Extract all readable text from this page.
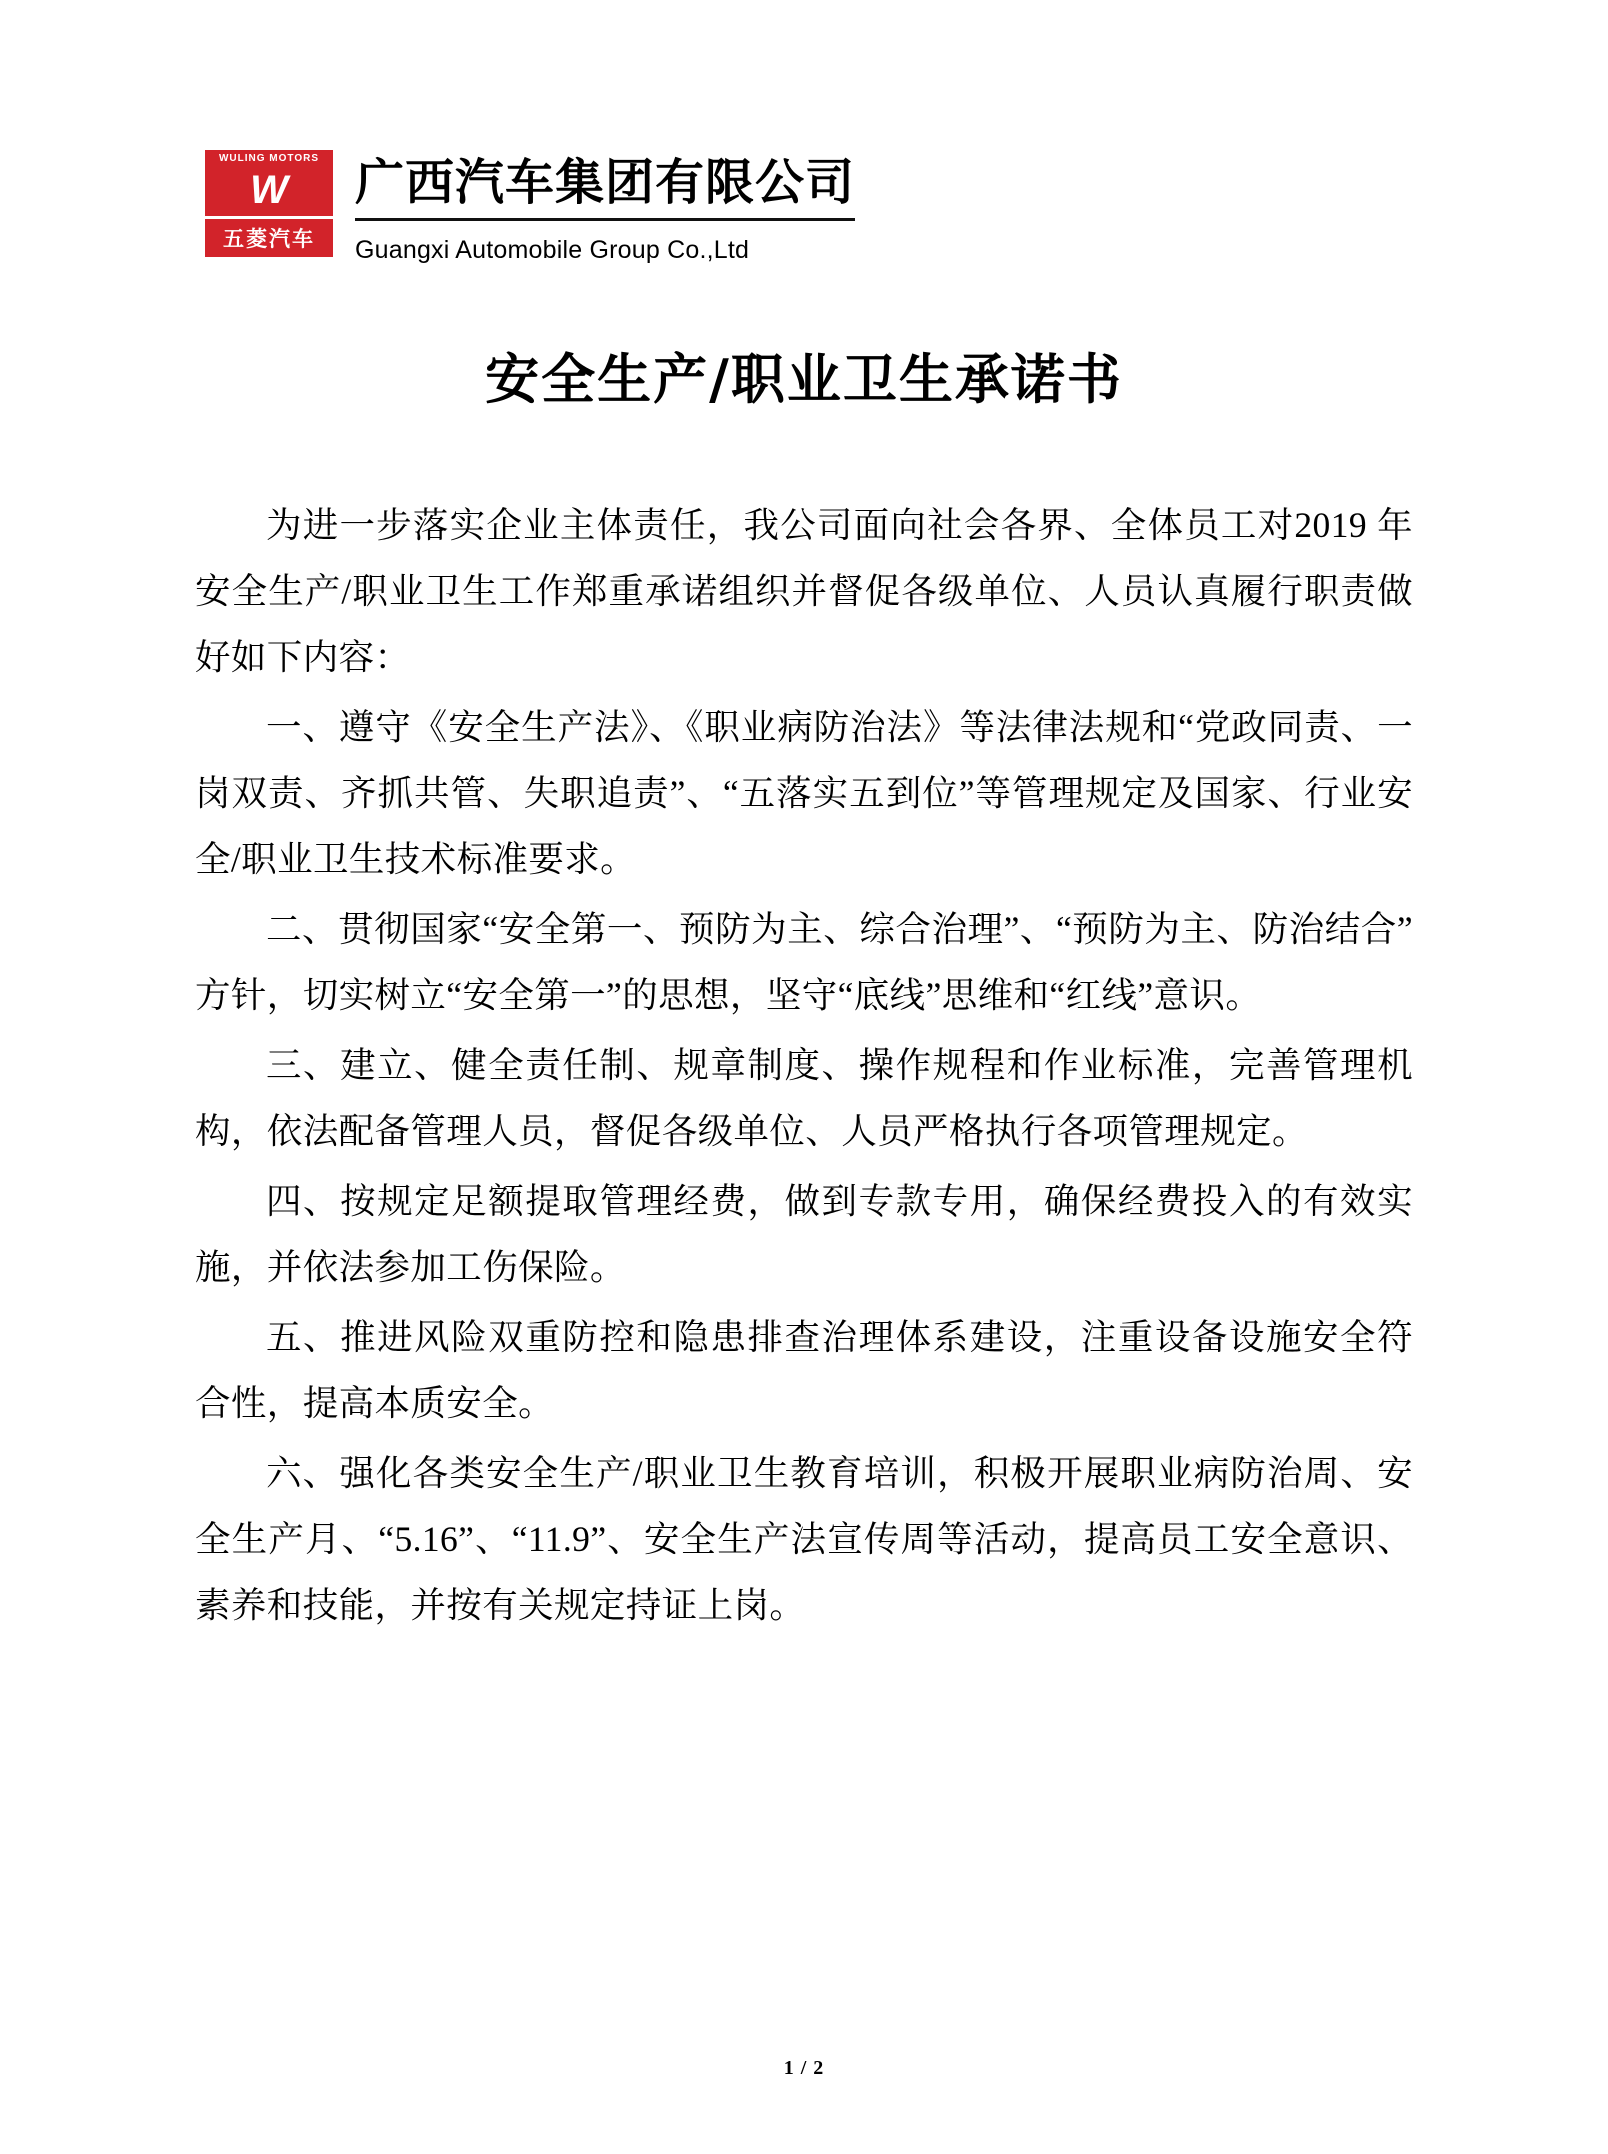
WULING MOTORS
W
五菱汽车
广西汽车集团有限公司
Guangxi Automobile Group Co.,Ltd
安全生产/职业卫生承诺书

为进一步落实企业主体责任，我公司面向社会各界、全体员工对2019 年安全生产/职业卫生工作郑重承诺组织并督促各级单位、人员认真履行职责做好如下内容：

一、遵守《安全生产法》、《职业病防治法》等法律法规和“党政同责、一岗双责、齐抓共管、失职追责”、“五落实五到位”等管理规定及国家、行业安全/职业卫生技术标准要求。

二、贯彻国家“安全第一、预防为主、综合治理”、“预防为主、防治结合”方针，切实树立“安全第一”的思想，坚守“底线”思维和“红线”意识。

三、建立、健全责任制、规章制度、操作规程和作业标准，完善管理机构，依法配备管理人员，督促各级单位、人员严格执行各项管理规定。

四、按规定足额提取管理经费，做到专款专用，确保经费投入的有效实施，并依法参加工伤保险。

五、推进风险双重防控和隐患排查治理体系建设，注重设备设施安全符合性，提高本质安全。

六、强化各类安全生产/职业卫生教育培训，积极开展职业病防治周、安全生产月、“5.16”、“11.9”、安全生产法宣传周等活动，提高员工安全意识、素养和技能，并按有关规定持证上岗。

1 / 2
